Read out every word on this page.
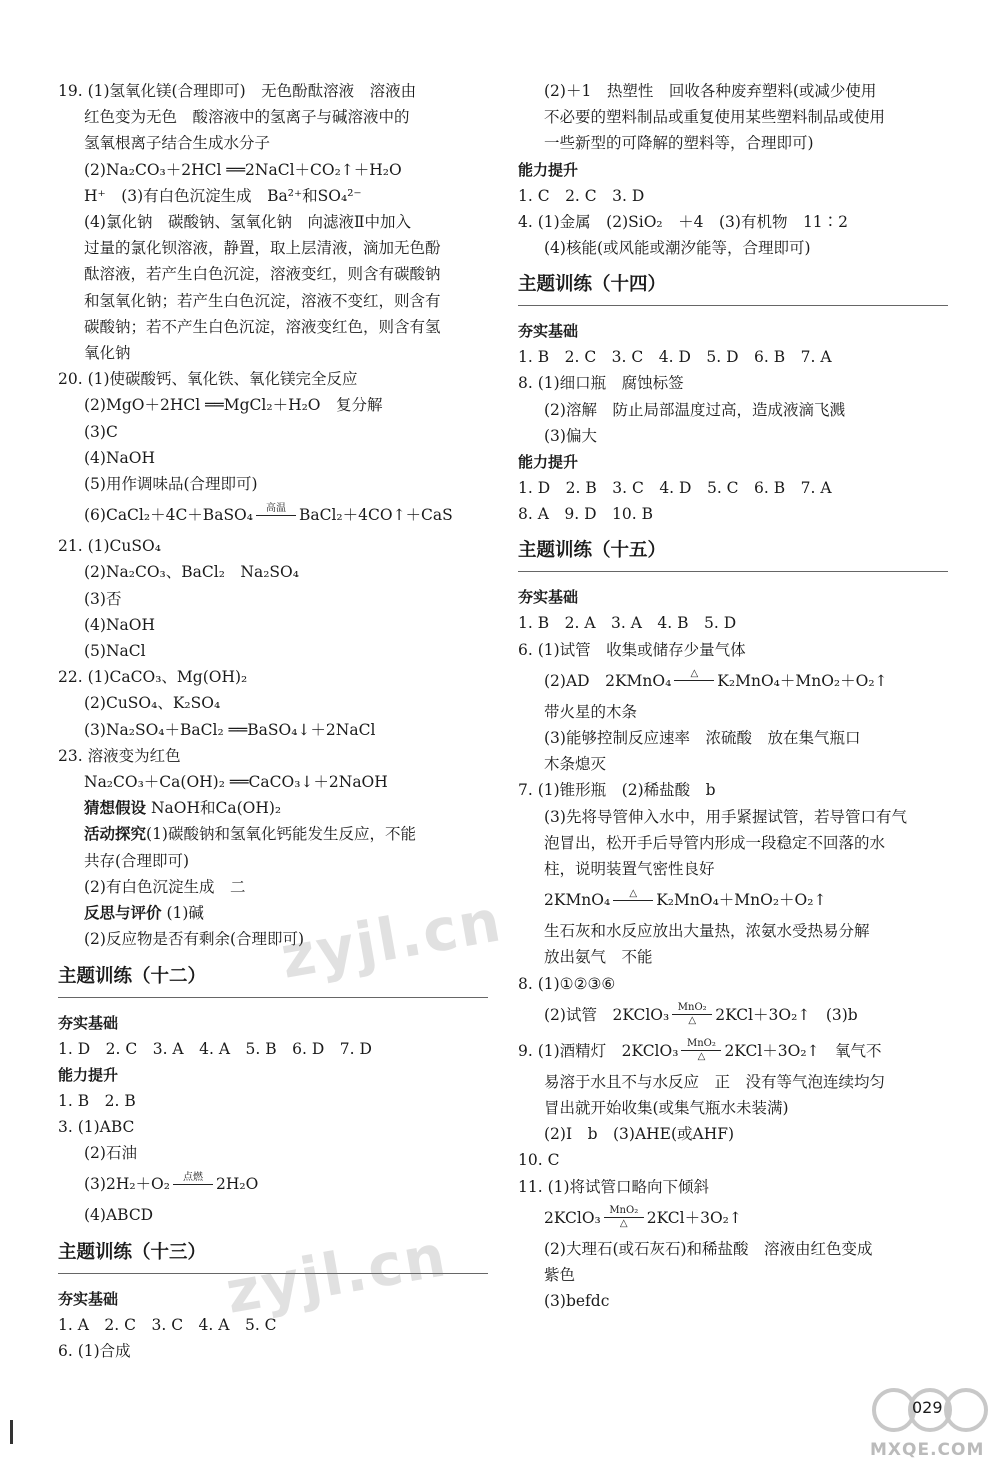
19. (1)氢氧化镁(合理即可)　无色酚酞溶液　溶液由
红色变为无色　酸溶液中的氢离子与碱溶液中的
氢氧根离子结合生成水分子
(2)Na₂CO₃＋2HCl ══2NaCl＋CO₂↑＋H₂O
H⁺　(3)有白色沉淀生成　Ba²⁺和SO₄²⁻
(4)氯化钠　碳酸钠、氢氧化钠　向滤液Ⅱ中加入
过量的氯化钡溶液，静置，取上层清液，滴加无色酚
酞溶液，若产生白色沉淀，溶液变红，则含有碳酸钠
和氢氧化钠；若产生白色沉淀，溶液不变红，则含有
碳酸钠；若不产生白色沉淀，溶液变红色，则含有氢
氧化钠
20. (1)使碳酸钙、氧化铁、氧化镁完全反应
(2)MgO＋2HCl ══MgCl₂＋H₂O　复分解
(3)C
(4)NaOH
(5)用作调味品(合理即可)
(6)CaCl₂＋4C＋BaSO₄ 高温 BaCl₂＋4CO↑＋CaS
21. (1)CuSO₄
(2)Na₂CO₃、BaCl₂　Na₂SO₄
(3)否
(4)NaOH
(5)NaCl
22. (1)CaCO₃、Mg(OH)₂
(2)CuSO₄、K₂SO₄
(3)Na₂SO₄＋BaCl₂ ══BaSO₄↓＋2NaCl
23. 溶液变为红色
Na₂CO₃＋Ca(OH)₂ ══CaCO₃↓＋2NaOH
猜想假设 NaOH和Ca(OH)₂
活动探究(1)碳酸钠和氢氧化钙能发生反应，不能
共存(合理即可)
(2)有白色沉淀生成　二
反思与评价 (1)碱
(2)反应物是否有剩余(合理即可)
主题训练（十二）
夯实基础
1. D　2. C　3. A　4. A　5. B　6. D　7. D
能力提升
1. B　2. B
3. (1)ABC
(2)石油
(3)2H₂＋O₂ 点燃 2H₂O
(4)ABCD
主题训练（十三）
夯实基础
1. A　2. C　3. C　4. A　5. C
6. (1)合成
(2)＋1　热塑性　回收各种废弃塑料(或减少使用
不必要的塑料制品或重复使用某些塑料制品或使用
一些新型的可降解的塑料等，合理即可)
能力提升
1. C　2. C　3. D
4. (1)金属　(2)SiO₂　＋4　(3)有机物　11∶2
(4)核能(或风能或潮汐能等，合理即可)
主题训练（十四）
夯实基础
1. B　2. C　3. C　4. D　5. D　6. B　7. A
8. (1)细口瓶　腐蚀标签
(2)溶解　防止局部温度过高，造成液滴飞溅
(3)偏大
能力提升
1. D　2. B　3. C　4. D　5. C　6. B　7. A
8. A　9. D　10. B
主题训练（十五）
夯实基础
1. B　2. A　3. A　4. B　5. D
6. (1)试管　收集或储存少量气体
(2)AD　2KMnO₄ △ K₂MnO₄＋MnO₂＋O₂↑
带火星的木条
(3)能够控制反应速率　浓硫酸　放在集气瓶口
木条熄灭
7. (1)锥形瓶　(2)稀盐酸　b
(3)先将导管伸入水中，用手紧握试管，若导管口有气
泡冒出，松开手后导管内形成一段稳定不回落的水
柱，说明装置气密性良好
2KMnO₄ △ K₂MnO₄＋MnO₂＋O₂↑
生石灰和水反应放出大量热，浓氨水受热易分解
放出氨气　不能
8. (1)①②③⑥
(2)试管　2KClO₃ $\frac{\text{MnO₂}}{\triangle}$ 2KCl＋3O₂↑　(3)b
9. (1)酒精灯　2KClO₃ $\frac{\text{MnO₂}}{\triangle}$ 2KCl＋3O₂↑　氧气不
易溶于水且不与水反应　正　没有等气泡连续均匀
冒出就开始收集(或集气瓶水未装满)
(2)I　b　(3)AHE(或AHF)
10. C
11. (1)将试管口略向下倾斜
2KClO₃ $\frac{\text{MnO₂}}{\triangle}$ 2KCl＋3O₂↑
(2)大理石(或石灰石)和稀盐酸　溶液由红色变成
紫色
(3)befdc
zyjl.cn
zyjl.cn
029
MXQE.COM
